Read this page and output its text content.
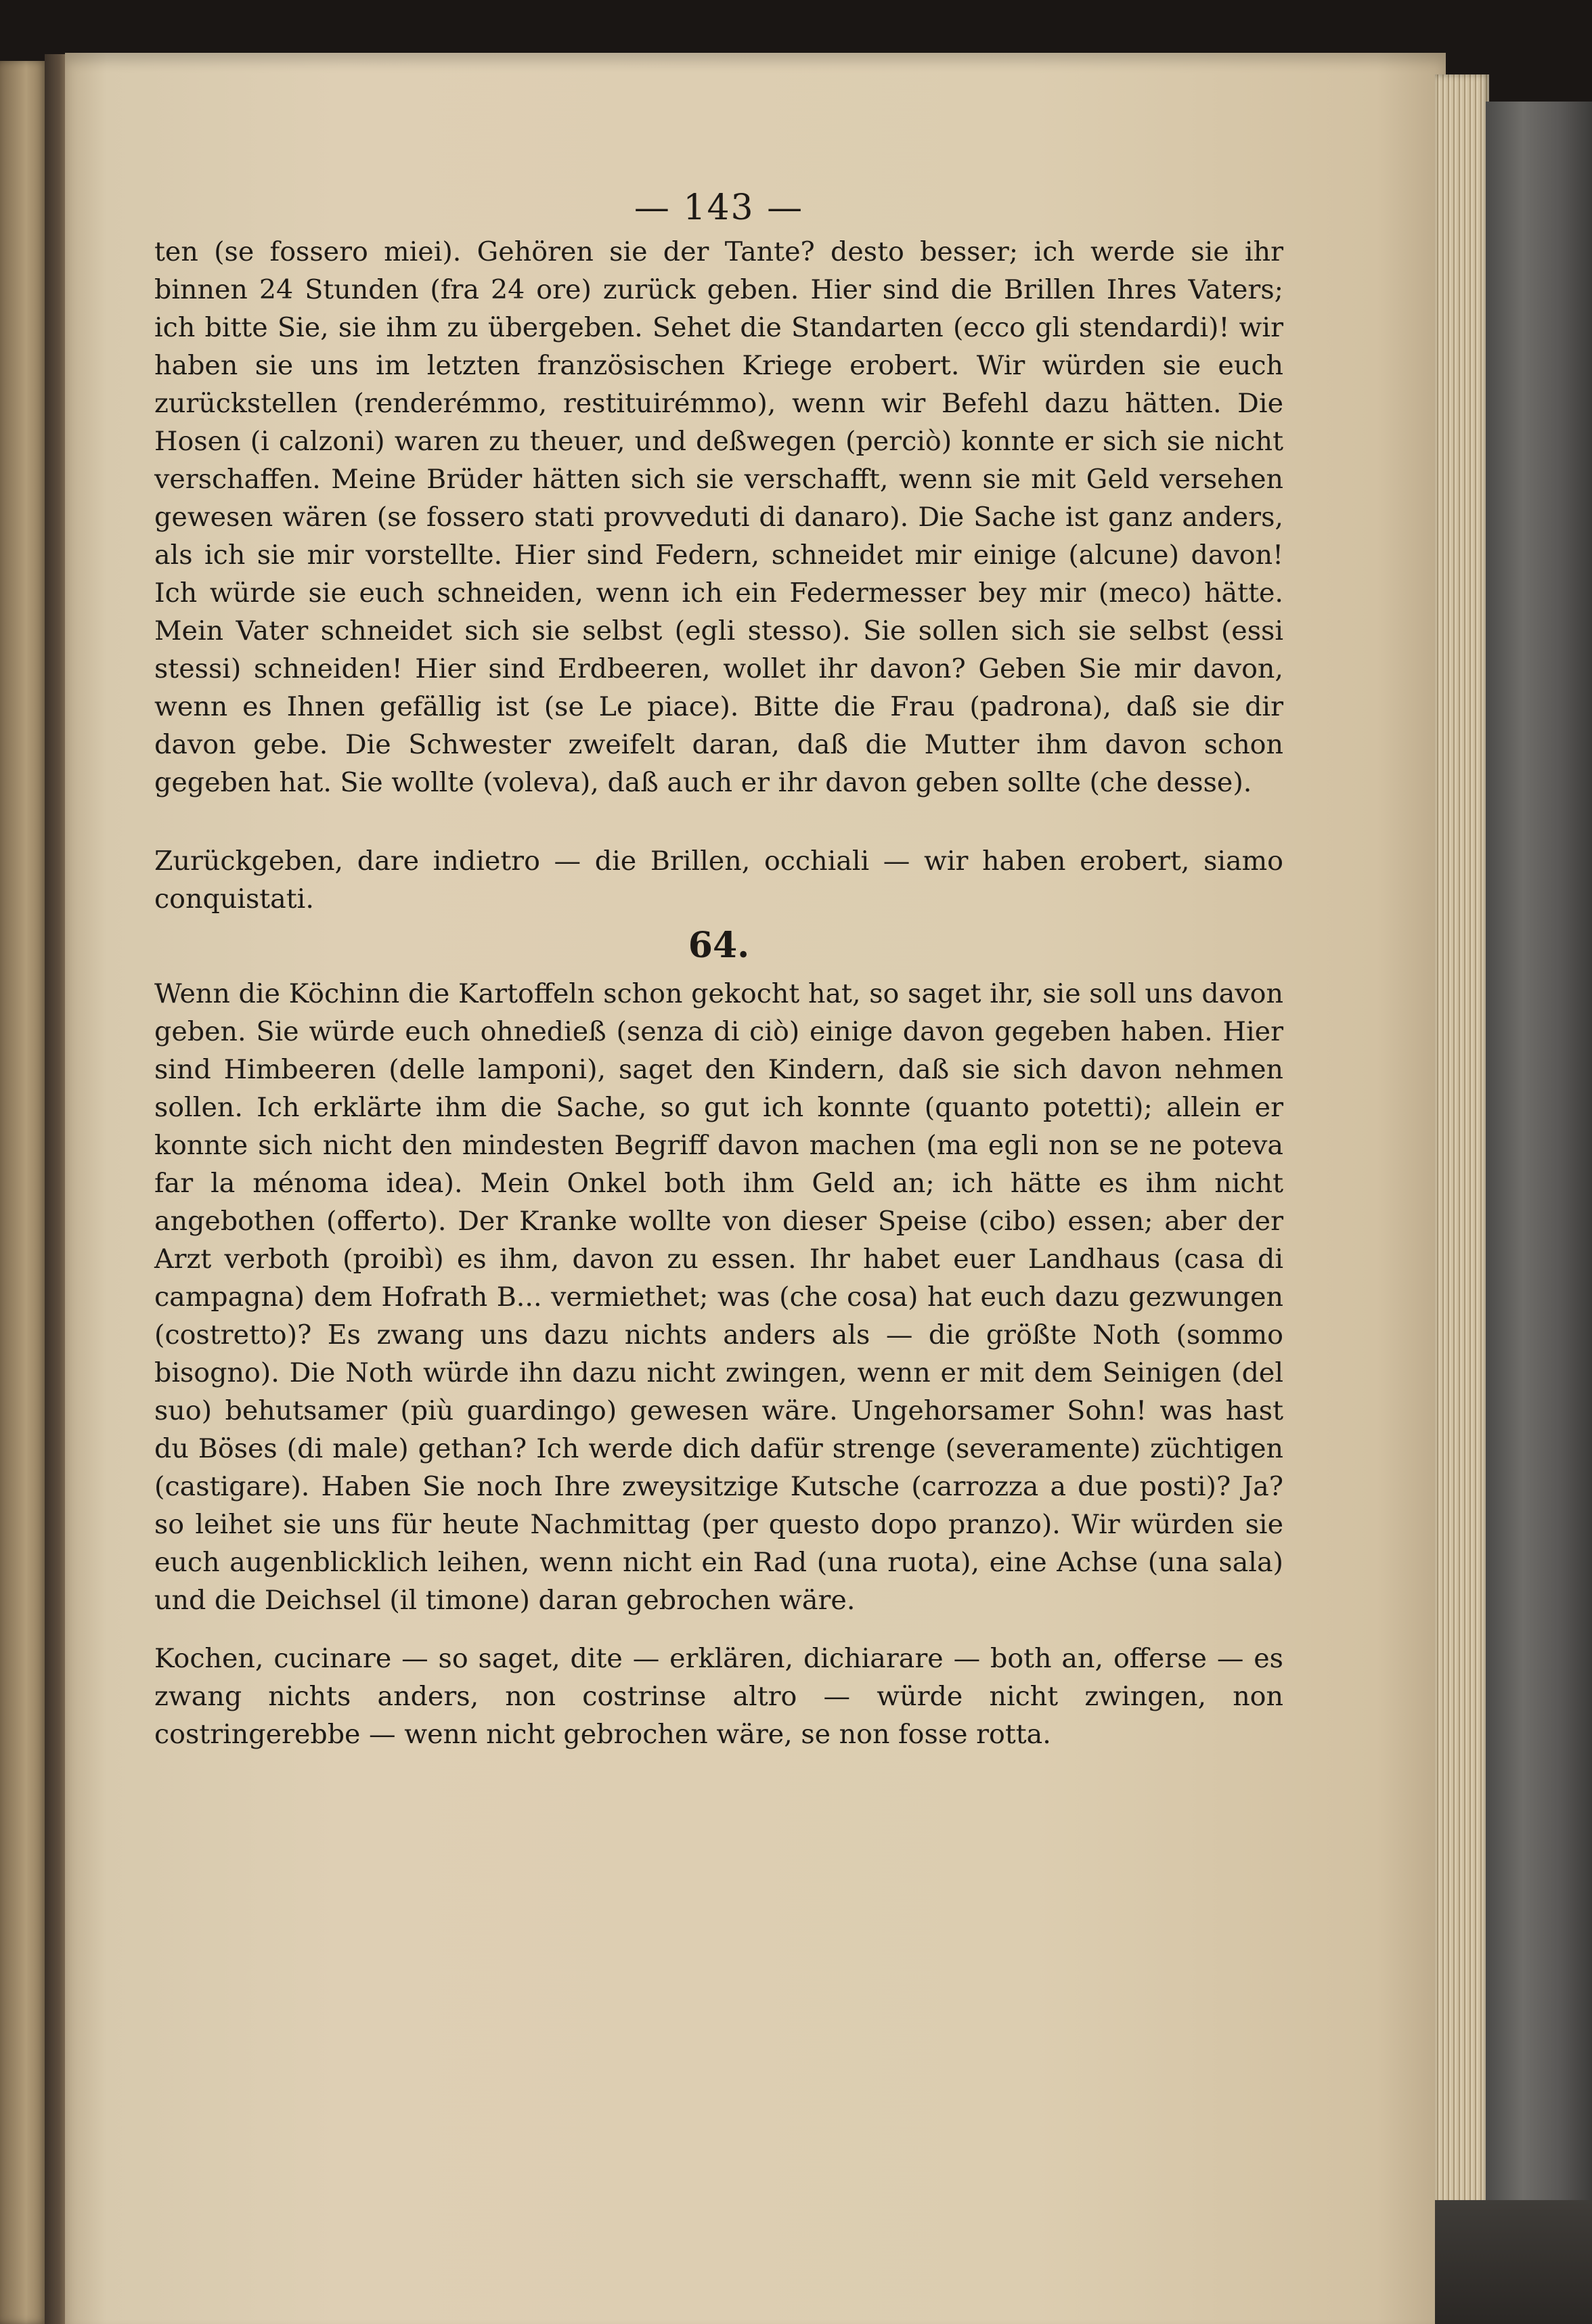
— 143 —

ten (se fossero miei). Gehören sie der Tante? desto besser; ich werde sie ihr binnen 24 Stunden (fra 24 ore) zurück geben. Hier sind die Brillen Ihres Vaters; ich bitte Sie, sie ihm zu übergeben. Sehet die Standarten (ecco gli stendardi)! wir haben sie uns im letzten französischen Kriege erobert. Wir würden sie euch zurückstellen (renderémmo, restituirémmo), wenn wir Befehl dazu hätten. Die Hosen (i calzoni) waren zu theuer, und deßwegen (perciò) konnte er sich sie nicht verschaffen. Meine Brüder hätten sich sie verschafft, wenn sie mit Geld versehen gewesen wären (se fossero stati provveduti di danaro). Die Sache ist ganz anders, als ich sie mir vorstellte. Hier sind Federn, schneidet mir einige (alcune) davon! Ich würde sie euch schneiden, wenn ich ein Federmesser bey mir (meco) hätte. Mein Vater schneidet sich sie selbst (egli stesso). Sie sollen sich sie selbst (essi stessi) schneiden! Hier sind Erdbeeren, wollet ihr davon? Geben Sie mir davon, wenn es Ihnen gefällig ist (se Le piace). Bitte die Frau (padrona), daß sie dir davon gebe. Die Schwester zweifelt daran, daß die Mutter ihm davon schon gegeben hat. Sie wollte (voleva), daß auch er ihr davon geben sollte (che desse).

Zurückgeben, dare indietro — die Brillen, occhiali — wir haben erobert, siamo conquistati.

64.

Wenn die Köchinn die Kartoffeln schon gekocht hat, so saget ihr, sie soll uns davon geben. Sie würde euch ohnedieß (senza di ciò) einige davon gegeben haben. Hier sind Himbeeren (delle lamponi), saget den Kindern, daß sie sich davon nehmen sollen. Ich erklärte ihm die Sache, so gut ich konnte (quanto potetti); allein er konnte sich nicht den mindesten Begriff davon machen (ma egli non se ne poteva far la ménoma idea). Mein Onkel both ihm Geld an; ich hätte es ihm nicht angebothen (offerto). Der Kranke wollte von dieser Speise (cibo) essen; aber der Arzt verboth (proibì) es ihm, davon zu essen. Ihr habet euer Landhaus (casa di campagna) dem Hofrath B... vermiethet; was (che cosa) hat euch dazu gezwungen (costretto)? Es zwang uns dazu nichts anders als — die größte Noth (sommo bisogno). Die Noth würde ihn dazu nicht zwingen, wenn er mit dem Seinigen (del suo) behutsamer (più guardingo) gewesen wäre. Ungehorsamer Sohn! was hast du Böses (di male) gethan? Ich werde dich dafür strenge (severamente) züchtigen (castigare). Haben Sie noch Ihre zweysitzige Kutsche (carrozza a due posti)? Ja? so leihet sie uns für heute Nachmittag (per questo dopo pranzo). Wir würden sie euch augenblicklich leihen, wenn nicht ein Rad (una ruota), eine Achse (una sala) und die Deichsel (il timone) daran gebrochen wäre.

Kochen, cucinare — so saget, dite — erklären, dichiarare — both an, offerse — es zwang nichts anders, non costrinse altro — würde nicht zwingen, non costringerebbe — wenn nicht gebrochen wäre, se non fosse rotta.
